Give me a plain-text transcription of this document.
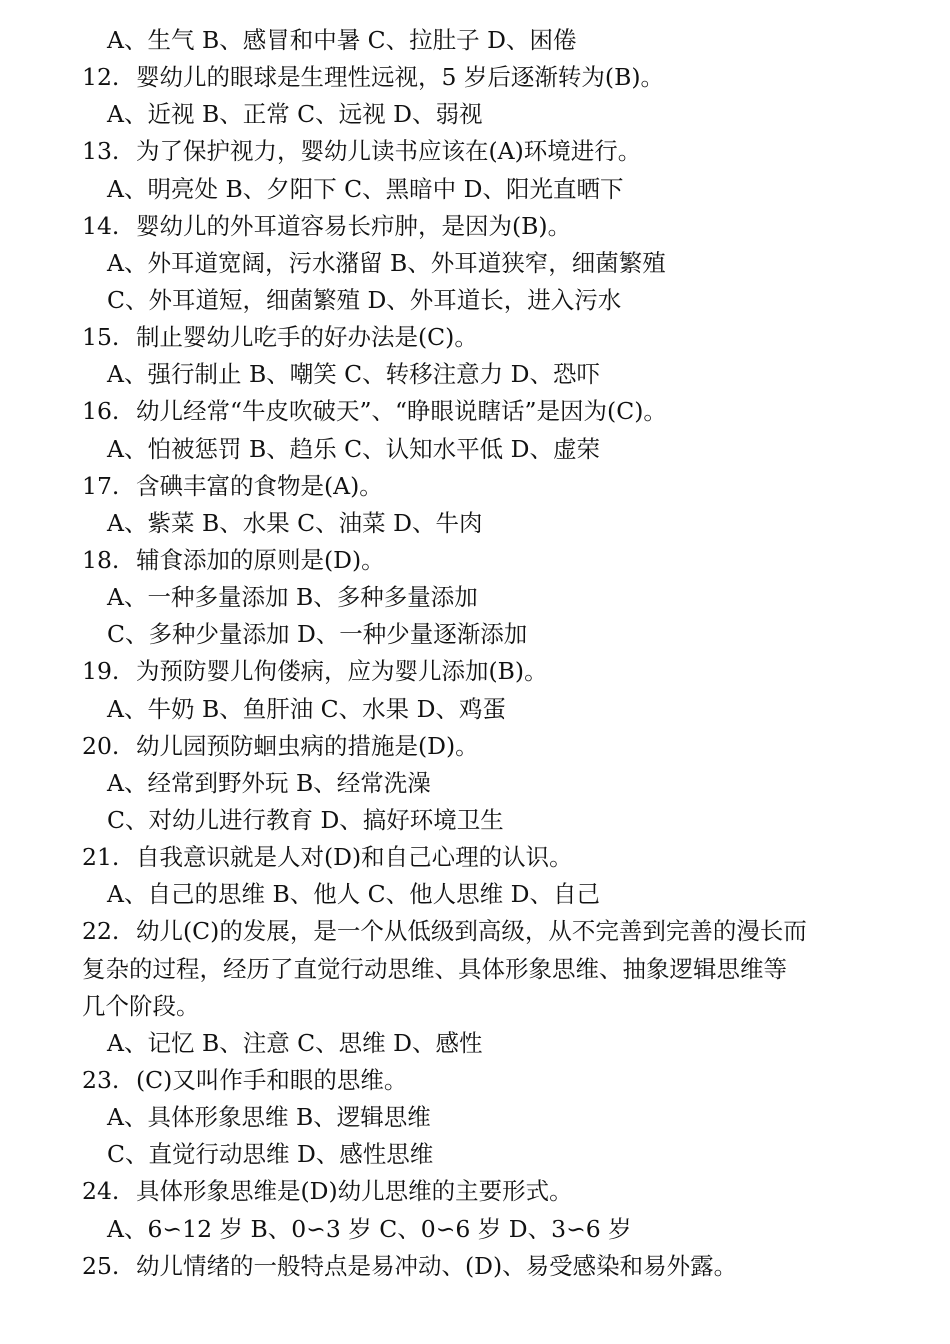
A、生气 B、感冒和中暑 C、拉肚子 D、困倦
12. 婴幼儿的眼球是生理性远视，5 岁后逐渐转为(B)。
A、近视 B、正常 C、远视 D、弱视
13. 为了保护视力，婴幼儿读书应该在(A)环境进行。
A、明亮处 B、夕阳下 C、黑暗中 D、阳光直晒下
14. 婴幼儿的外耳道容易长疖肿，是因为(B)。
A、外耳道宽阔，污水潴留 B、外耳道狭窄，细菌繁殖
C、外耳道短，细菌繁殖 D、外耳道长，进入污水
15. 制止婴幼儿吃手的好办法是(C)。
A、强行制止 B、嘲笑 C、转移注意力 D、恐吓
16. 幼儿经常“牛皮吹破天”、“睁眼说瞎话”是因为(C)。
A、怕被惩罚 B、趋乐 C、认知水平低 D、虚荣
17. 含碘丰富的食物是(A)。
A、紫菜 B、水果 C、油菜 D、牛肉
18. 辅食添加的原则是(D)。
A、一种多量添加 B、多种多量添加
C、多种少量添加 D、一种少量逐渐添加
19. 为预防婴儿佝偻病，应为婴儿添加(B)。
A、牛奶 B、鱼肝油 C、水果 D、鸡蛋
20. 幼儿园预防蛔虫病的措施是(D)。
A、经常到野外玩 B、经常洗澡
C、对幼儿进行教育 D、搞好环境卫生
21. 自我意识就是人对(D)和自己心理的认识。
A、自己的思维 B、他人 C、他人思维 D、自己
22. 幼儿(C)的发展，是一个从低级到高级，从不完善到完善的漫长而
复杂的过程，经历了直觉行动思维、具体形象思维、抽象逻辑思维等
几个阶段。
A、记忆 B、注意 C、思维 D、感性
23. (C)又叫作手和眼的思维。
A、具体形象思维 B、逻辑思维
C、直觉行动思维 D、感性思维
24. 具体形象思维是(D)幼儿思维的主要形式。
A、6∽12 岁 B、0∽3 岁 C、0∽6 岁 D、3∽6 岁
25. 幼儿情绪的一般特点是易冲动、(D)、易受感染和易外露。
